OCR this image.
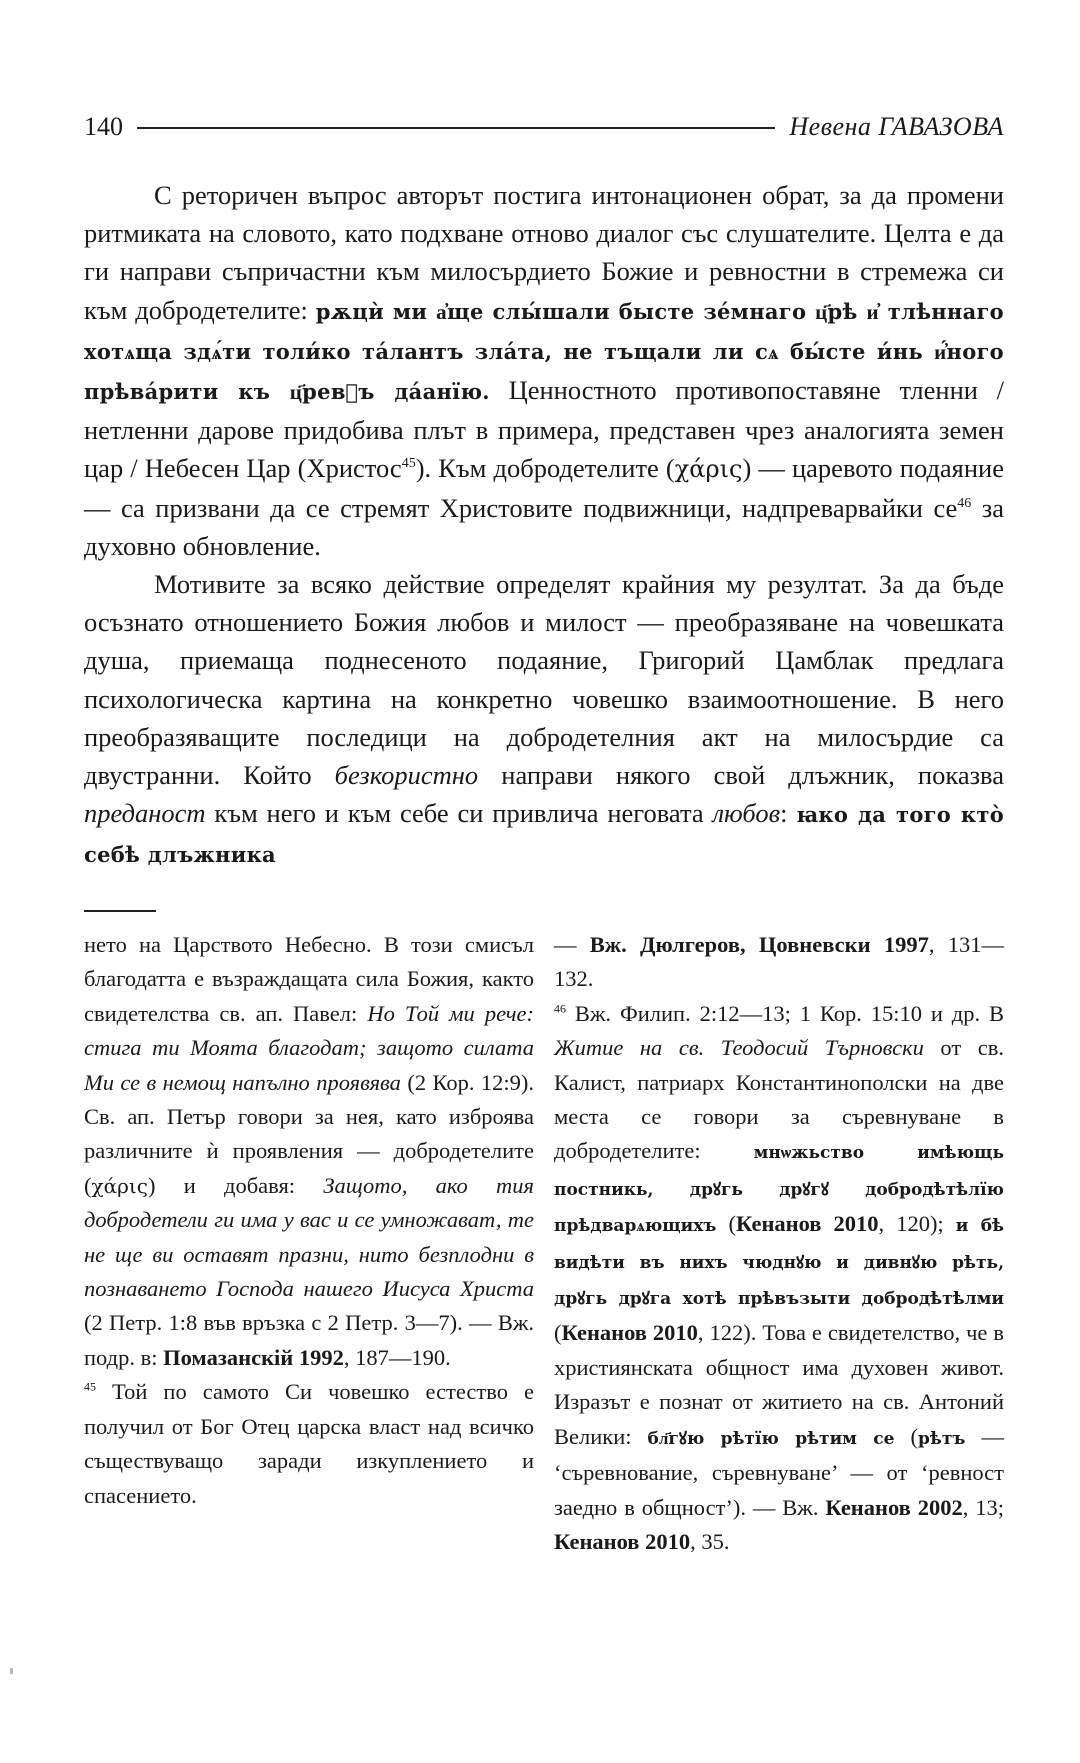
140	Невена ГАВАЗОВА

С реторичен въпрос авторът постига интонационен обрат, за да промени ритмиката на словото, като подхване отново диалог със слушателите. Целта е да ги направи съпричастни към милосърдието Божие и ревностни в стремежа си към добродетелите: рѫцѝ ми а҆ще слы́шали бысте зе́мнаго ц҃рѣ и҆ тлѣннаго хотѧща здѧ́ти толи́ко та́лантъ зла́та, не тъщали ли сѧ бы́сте и́нь и҆́ного прѣва́рити къ ц҃рев꙽ъ да́анїю. Ценностното противопоставяне тленни / нетленни дарове придобива плът в примера, представен чрез аналогията земен цар / Небесен Цар (Христос$^{45}$). Към добродетелите (χάρις) — царевото подаяние — са призвани да се стремят Христовите подвижници, надпреварвайки $се^{46}$ за духовно обновление.

Мотивите за всяко действие определят крайния му резултат. За да бъде осъзнато отношението Божия любов и милост — преобразяване на човешката душа, приемаща поднесеното подаяние, Григорий Цамблак предлага психологическа картина на конкретно човешко взаимоотношение. В него преобразяващите последици на добродетелния акт на милосърдие са двустранни. Който безкористно направи някого свой длъжник, показва преданост към него и към себе си привлича неговата любов: ꙗко да того кто̀ себѣ длъжника

нето на Царството Небесно. В този смисъл благодатта е възраждащата сила Божия, както свидетелства св. ап. Павел: Но Той ми рече: стига ти Моята благодат; защото силата Ми се в немощ напълно проявява (2 Кор. 12:9). Св. ап. Петър говори за нея, като изброява различните ѝ проявления — добродетелите (χάρις) и добавя: Защото, ако тия добродетели ги има у вас и се умножават, те не ще ви оставят празни, нито безплодни в познаването Господа нашего Иисуса Христа (2 Петр. 1:8 във връзка с 2 Петр. 3—7). — Вж. подр. в: Помазанскій 1992, 187—190.

$^{45}$ Той по самото Си човешко естество е получил от Бог Отец царска власт над всичко съществуващо заради изкуплението и спасението.

— Вж. Дюлгеров, Цовневски 1997, 131—132.

$^{46}$ Вж. Филип. 2:12—13; 1 Кор. 15:10 и др. В Житие на св. Теодосий Търновски от св. Калист, патриарх Константинополски на две места се говори за съревнуване в добродетелите: мнѡжьство имѣющь постникь, дрꙋгь дрꙋгꙋ добродѣтѣлїю прѣдварѧющихъ (Кенанов 2010, 120); и бѣ видѣти въ нихъ чюднꙋю и дивнꙋю рѣть, дрꙋгь дрꙋга хотѣ прѣвъзыти добродѣтѣлми (Кенанов 2010, 122). Това е свидетелство, че в християнската общност има духовен живот. Изразът е познат от житието на св. Антоний Велики: бл҃гꙋю рѣтїю рѣтим се (рѣтъ — ‘съревнование, съревнуване’ — от ‘ревност заедно в общност’). — Вж. Кенанов 2002, 13; Кенанов 2010, 35.
